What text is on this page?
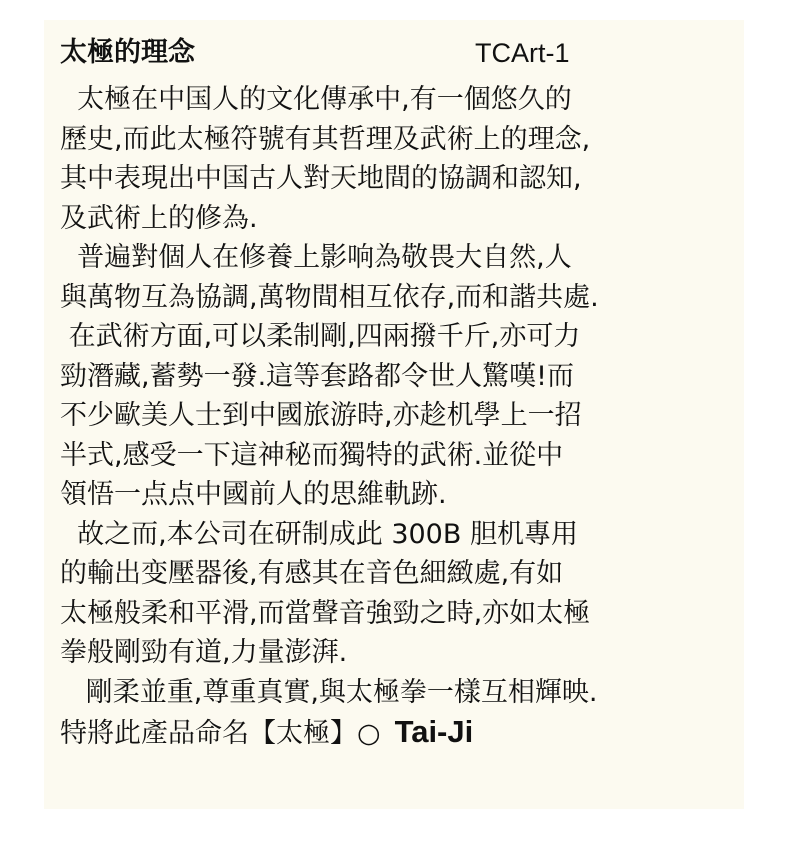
太極的理念	TCArt-1
太極在中国人的文化傳承中,有一個悠久的
歷史,而此太極符號有其哲理及武術上的理念,
其中表現出中国古人對天地間的協調和認知,
及武術上的修為.
普遍對個人在修養上影响為敬畏大自然,人
與萬物互為協調,萬物間相互依存,而和諧共處.
在武術方面,可以柔制剛,四兩撥千斤,亦可力
勁潛藏,蓄勢一發.這等套路都令世人驚嘆!而
不少歐美人士到中國旅游時,亦趁机學上一招
半式,感受一下這神秘而獨特的武術.並從中
領悟一点点中國前人的思維軌跡.
故之而,本公司在研制成此 300B 胆机專用
的輸出变壓器後,有感其在音色細緻處,有如
太極般柔和平滑,而當聲音強勁之時,亦如太極
拳般剛勁有道,力量澎湃.
剛柔並重,尊重真實,與太極拳一樣互相輝映.
特將此產品命名【太極】○ Tai-Ji
